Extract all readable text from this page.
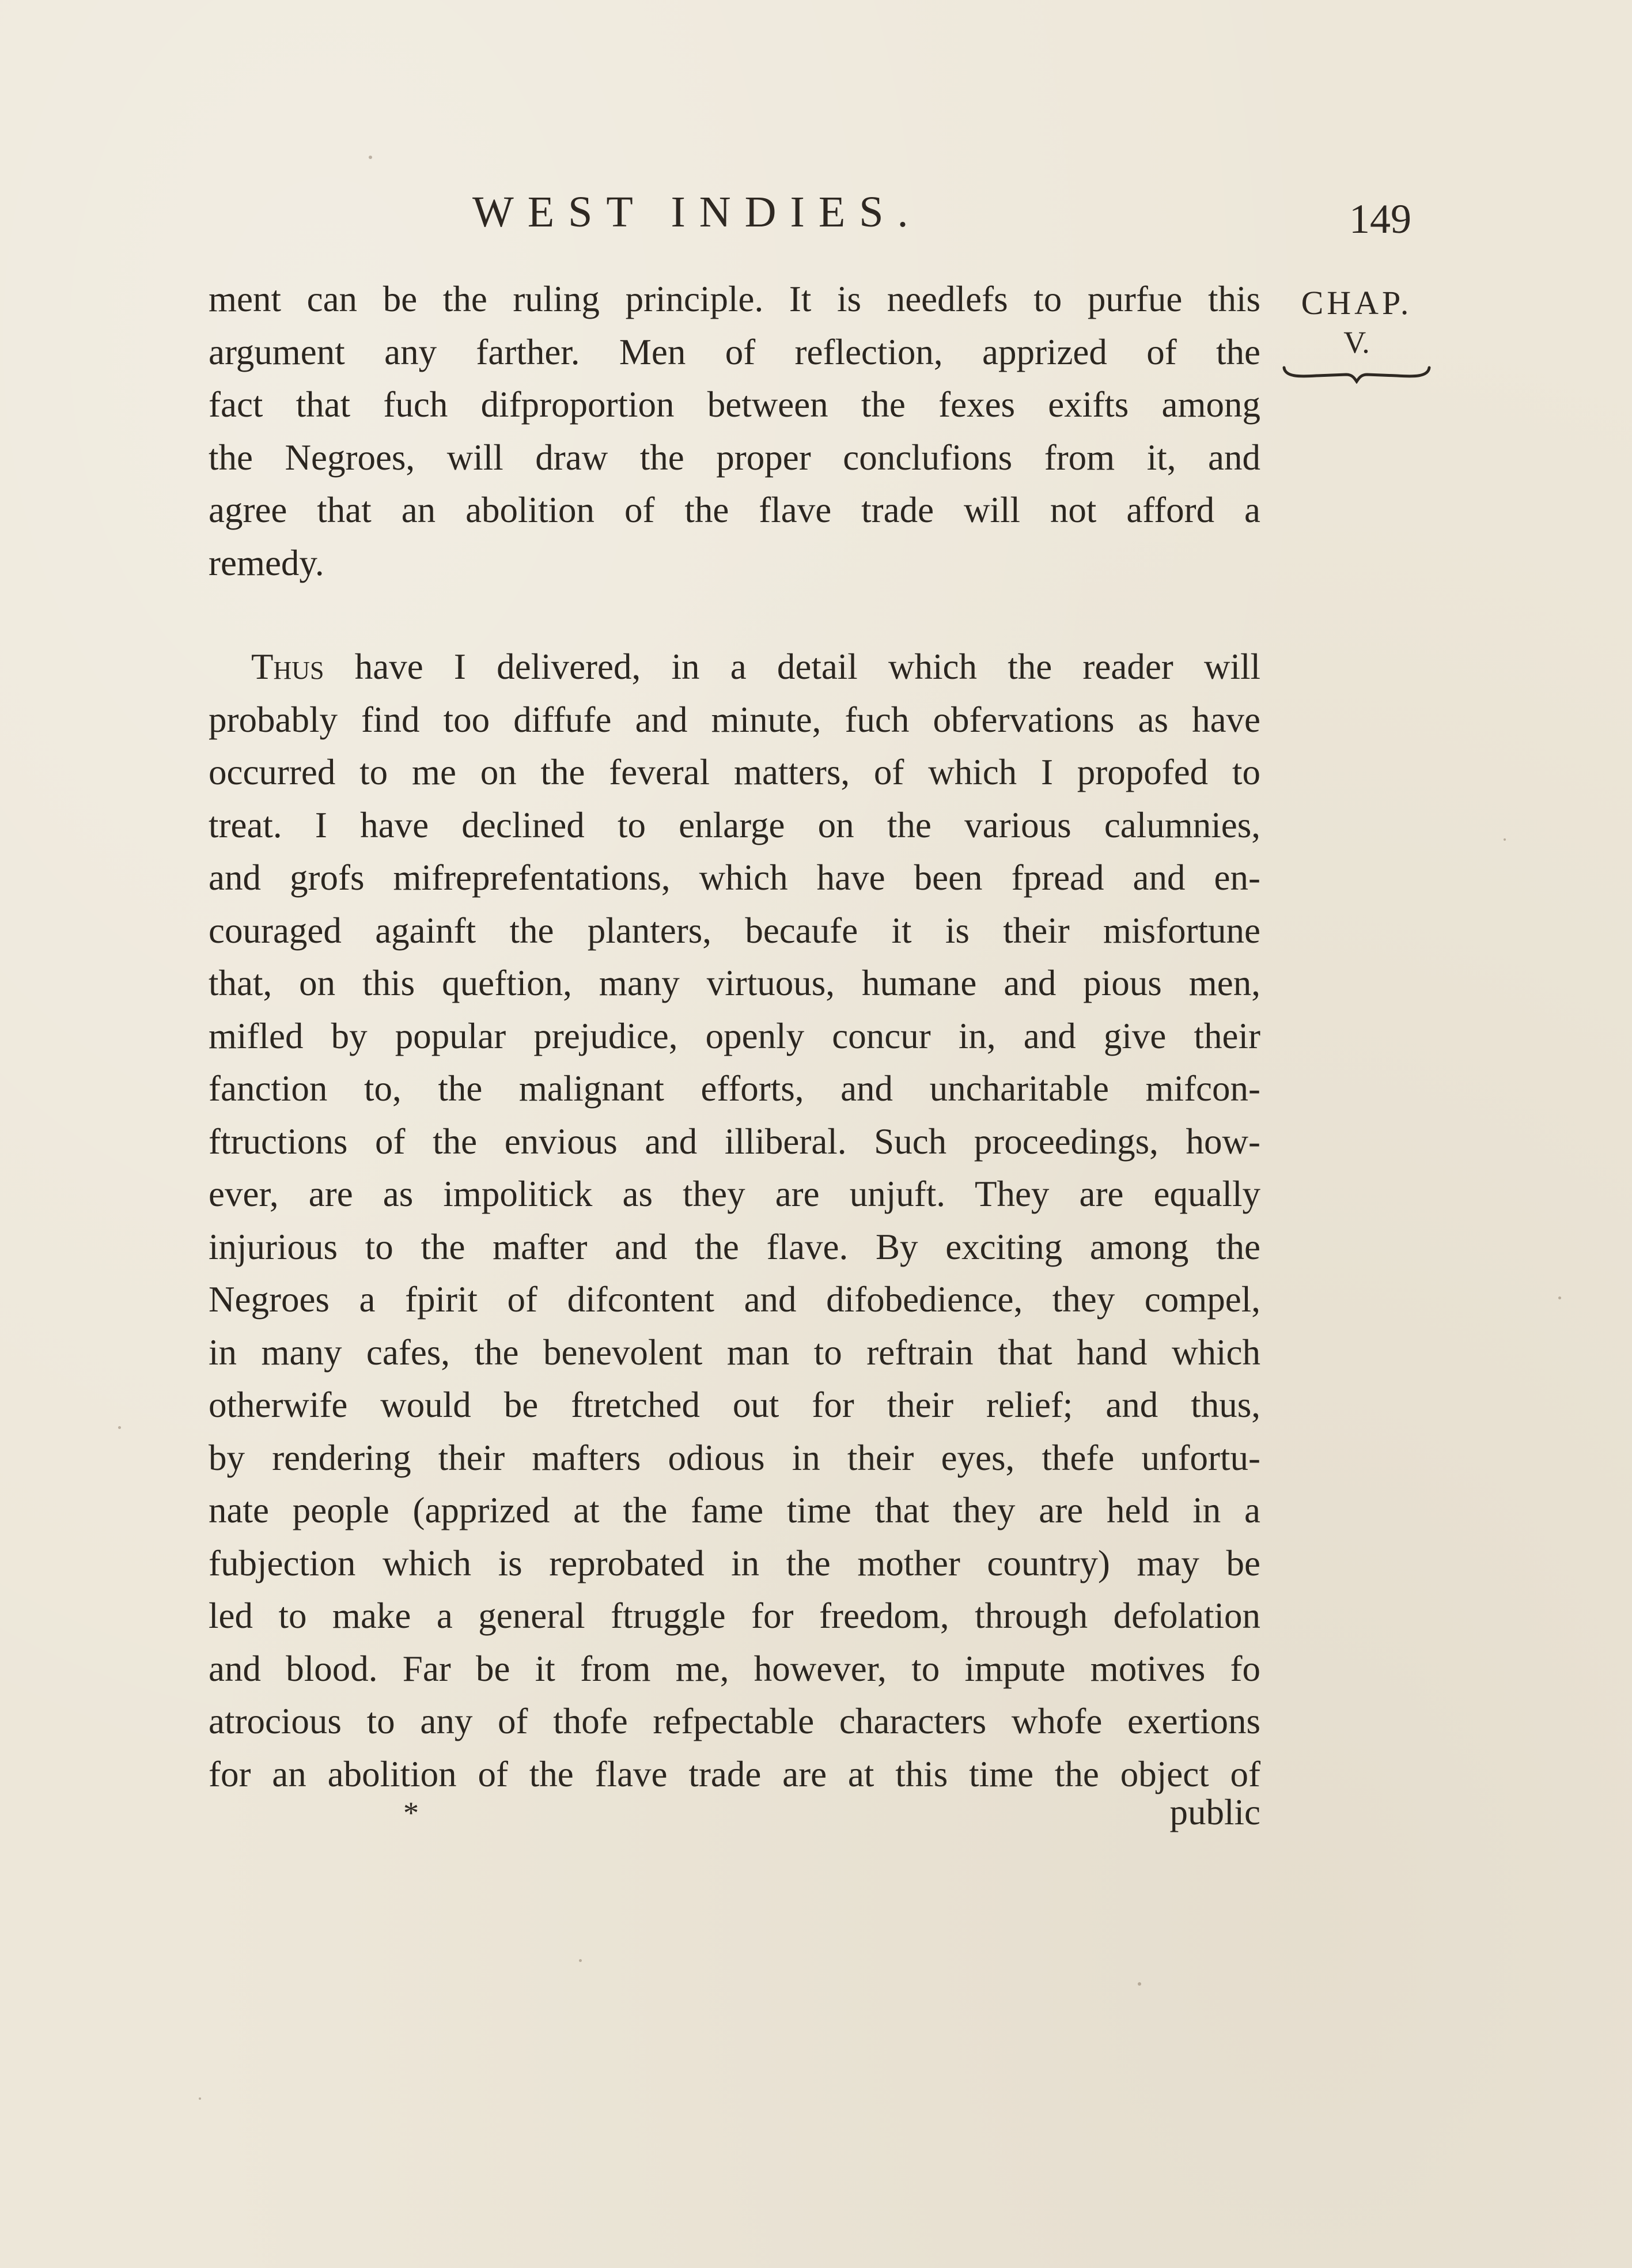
WEST INDIES.	149
CHAP.
V.
ment can be the ruling principle. It is needlefs to purfue this
argument any farther. Men of reflection, apprized of the
fact that fuch difproportion between the fexes exifts among
the Negroes, will draw the proper conclufions from it, and
agree that an abolition of the flave trade will not afford a
remedy.
Thus have I delivered, in a detail which the reader will
probably find too diffufe and minute, fuch obfervations as have
occurred to me on the feveral matters, of which I propofed to
treat. I have declined to enlarge on the various calumnies,
and grofs mifreprefentations, which have been fpread and en-
couraged againft the planters, becaufe it is their misfortune
that, on this queftion, many virtuous, humane and pious men,
mifled by popular prejudice, openly concur in, and give their
fanction to, the malignant efforts, and uncharitable mifcon-
ftructions of the envious and illiberal. Such proceedings, how-
ever, are as impolitick as they are unjuft. They are equally
injurious to the mafter and the flave. By exciting among the
Negroes a fpirit of difcontent and difobedience, they compel,
in many cafes, the benevolent man to reftrain that hand which
otherwife would be ftretched out for their relief; and thus,
by rendering their mafters odious in their eyes, thefe unfortu-
nate people (apprized at the fame time that they are held in a
fubjection which is reprobated in the mother country) may be
led to make a general ftruggle for freedom, through defolation
and blood. Far be it from me, however, to impute motives fo
atrocious to any of thofe refpectable characters whofe exertions
for an abolition of the flave trade are at this time the object of
*	public
